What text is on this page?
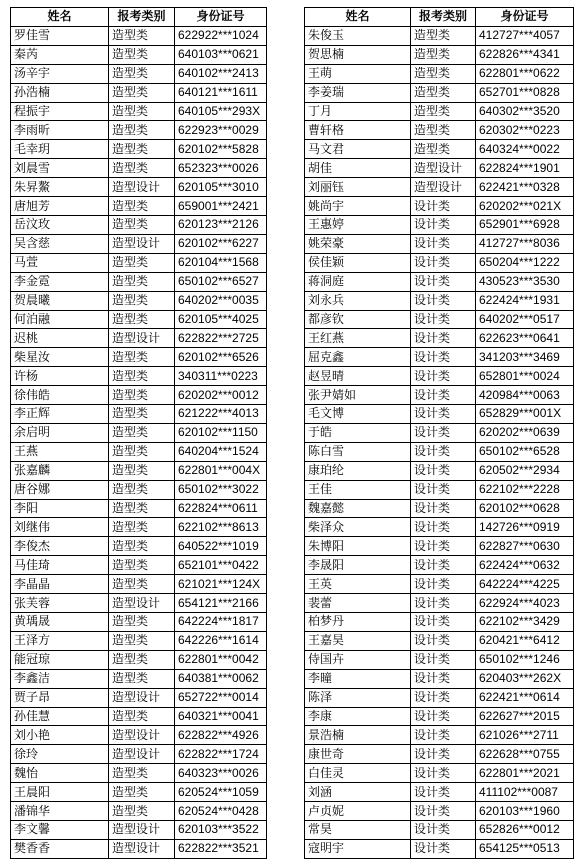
姓名	报考类别	身份证号
罗佳雪	造型类	622922***1024
秦芮	造型类	640103***0621
汤辛宇	造型类	640102***2413
孙浩楠	造型类	640121***1611
程振宇	造型类	640105***293X
李雨昕	造型类	622923***0029
毛幸玥	造型类	620102***5828
刘晨雪	造型类	652323***0026
朱昇鰲	造型设计	620105***3010
唐旭芳	造型类	659001***2421
岳汶玫	造型类	620123***2126
吴含慈	造型设计	620102***6227
马萱	造型类	620104***1568
李金霓	造型类	650102***6527
贺晨曦	造型类	640202***0035
何泊融	造型类	620105***4025
迟桃	造型设计	622822***2725
柴星汝	造型类	620102***6526
许杨	造型类	340311***0223
徐伟皓	造型类	620202***0012
李正辉	造型类	621222***4013
余启明	造型类	620102***1150
王燕	造型类	640204***1524
张嘉麟	造型类	622801***004X
唐谷娜	造型类	650102***3022
李阳	造型类	622824***0611
刘继伟	造型类	622102***8613
李俊杰	造型类	640522***1019
马佳琦	造型类	652101***0422
李晶晶	造型类	621021***124X
张芙蓉	造型设计	654121***2166
黄瑀晟	造型类	642224***1817
王泽方	造型类	642226***1614
能冠琼	造型类	622801***0042
李鑫洁	造型类	640381***0062
贾子昂	造型设计	652722***0014
孙佳慧	造型类	640321***0041
刘小艳	造型设计	622822***4926
徐玲	造型设计	622822***1724
魏怡	造型类	640323***0026
王晨阳	造型类	620524***1059
潘锦华	造型类	620524***0428
李文馨	造型设计	620103***3522
樊香香	造型设计	622822***3521
姓名	报考类别	身份证号
朱俊玉	造型类	412727***4057
贺思楠	造型类	622826***4341
王萌	造型类	622801***0622
李姜瑞	造型类	652701***0828
丁月	造型类	640302***3520
曹轩格	造型类	620302***0223
马文君	造型类	640324***0022
胡佳	造型设计	622824***1901
刘丽钰	造型设计	622421***0328
姚尚宇	设计类	620202***021X
王惠婷	设计类	652901***6928
姚荣豪	设计类	412727***8036
侯佳颖	设计类	650204***1222
蒋洞庭	设计类	430523***3530
刘永兵	设计类	622424***1931
都彦钦	设计类	640202***0517
王红燕	设计类	622623***0641
屈克鑫	设计类	341203***3469
赵昱晴	设计类	652801***0024
张尹婧如	设计类	420984***0063
毛文博	设计类	652829***001X
于皓	设计类	620202***0639
陈白雪	设计类	650102***6528
康珀纶	设计类	620502***2934
王佳	设计类	622102***2228
魏嘉懿	设计类	620102***0628
柴泽众	设计类	142726***0919
朱博阳	设计类	622827***0630
李晟阳	设计类	622424***0632
王英	设计类	642224***4225
裴蕾	设计类	622924***4023
柏梦丹	设计类	622102***3429
王嘉昊	设计类	620421***6412
侍国卉	设计类	650102***1246
李曈	设计类	620403***262X
陈泽	设计类	622421***0614
李康	设计类	622627***2015
景浩楠	设计类	621026***2711
康世奇	设计类	622628***0755
白佳灵	设计类	622801***2021
刘涵	设计类	411102***0087
卢贞妮	设计类	620103***1960
常昊	设计类	652826***0012
寇明宇	设计类	654125***0513
